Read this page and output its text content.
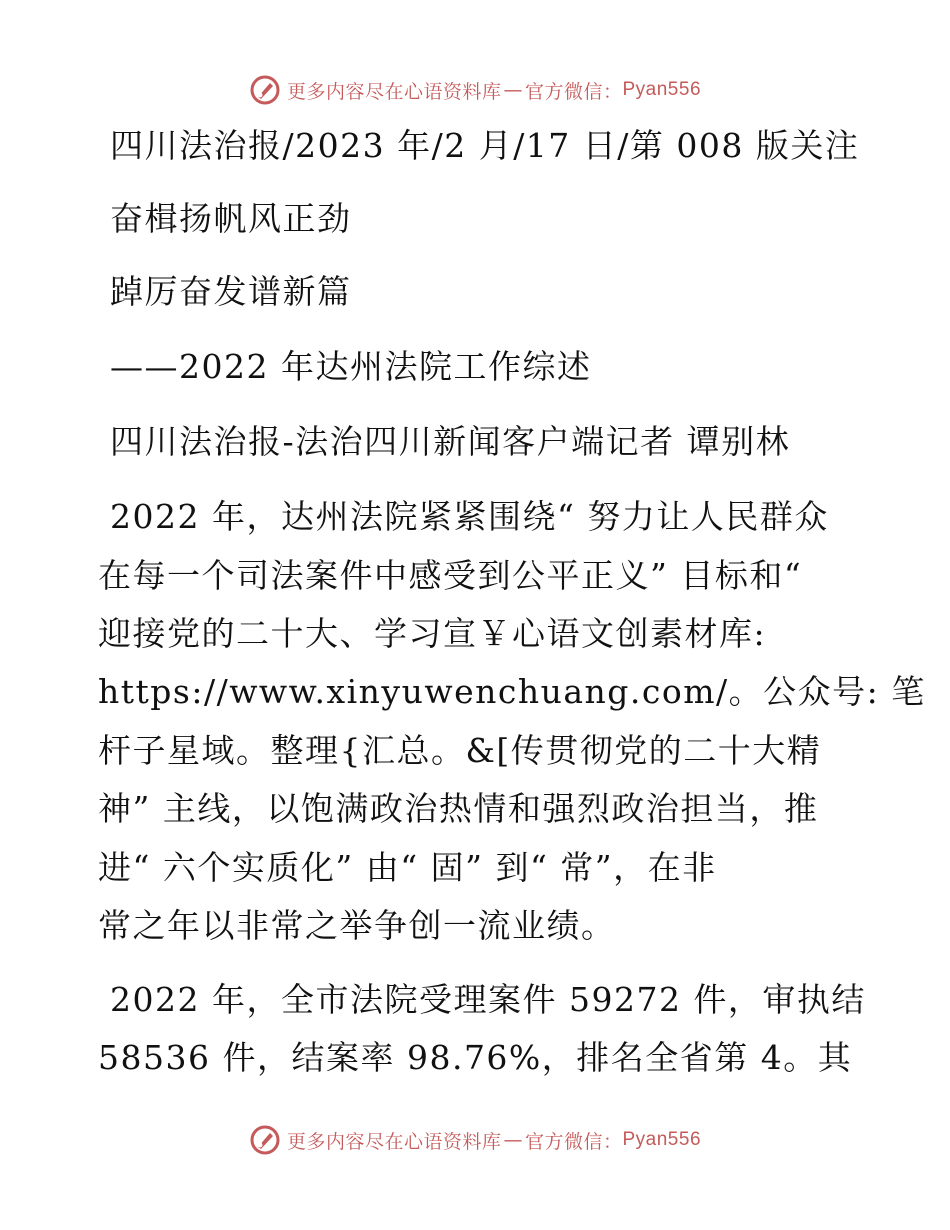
更多内容尽在心语资料库 — 官方微信： Pyan556
四川法治报/2023 年/2 月/17 日/第 008 版关注
奋楫扬帆风正劲
踔厉奋发谱新篇
——2022 年达州法院工作综述
四川法治报-法治四川新闻客户端记者 谭别林
2022 年，达州法院紧紧围绕“ 努力让人民群众
在每一个司法案件中感受到公平正义” 目标和“
迎接党的二十大、学习宣￥心语文创素材库:
https://www.xinyuwenchuang.com/。公众号: 笔
杆子星域。整理{汇总。&[传贯彻党的二十大精
神” 主线，以饱满政治热情和强烈政治担当，推
进“ 六个实质化” 由“ 固” 到“ 常”，在非
常之年以非常之举争创一流业绩。
2022 年，全市法院受理案件 59272 件，审执结
58536 件，结案率 98.76%，排名全省第 4。其
更多内容尽在心语资料库 — 官方微信： Pyan556
